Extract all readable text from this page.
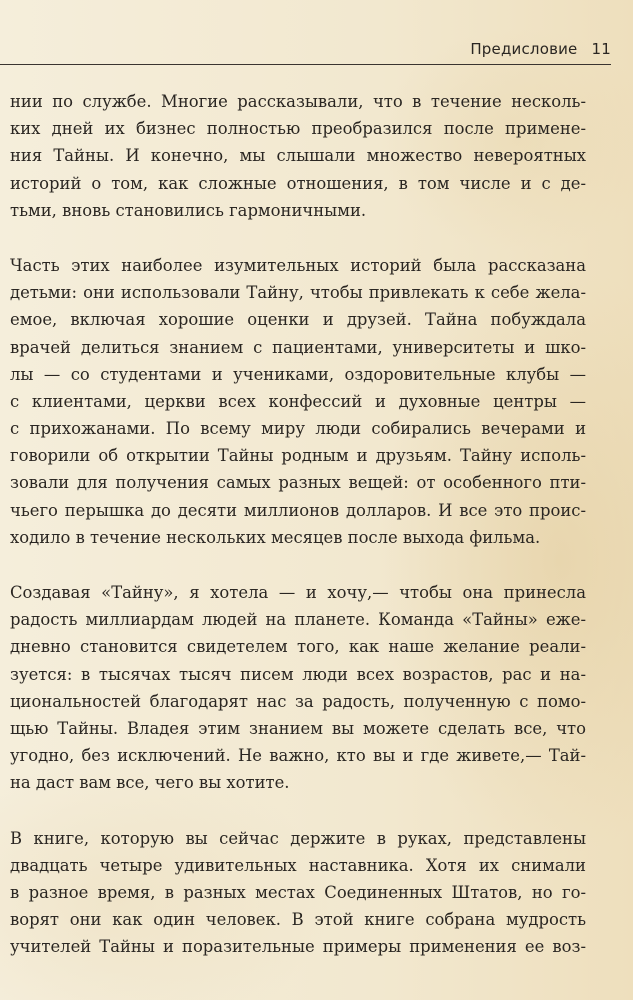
Предисловие 11

нии по службе. Многие рассказывали, что в течение несколь-
ких дней их бизнес полностью преобразился после примене-
ния Тайны. И конечно, мы слышали множество невероятных
историй о том, как сложные отношения, в том числе и с де-
тьми, вновь становились гармоничными.

Часть этих наиболее изумительных историй была рассказана
детьми: они использовали Тайну, чтобы привлекать к себе жела-
емое, включая хорошие оценки и друзей. Тайна побуждала
врачей делиться знанием с пациентами, университеты и шко-
лы — со студентами и учениками, оздоровительные клубы —
с клиентами, церкви всех конфессий и духовные центры —
с прихожанами. По всему миру люди собирались вечерами и
говорили об открытии Тайны родным и друзьям. Тайну исполь-
зовали для получения самых разных вещей: от особенного пти-
чьего перышка до десяти миллионов долларов. И все это проис-
ходило в течение нескольких месяцев после выхода фильма.

Создавая «Тайну», я хотела — и хочу,— чтобы она принесла
радость миллиардам людей на планете. Команда «Тайны» еже-
дневно становится свидетелем того, как наше желание реали-
зуется: в тысячах тысяч писем люди всех возрастов, рас и на-
циональностей благодарят нас за радость, полученную с помо-
щью Тайны. Владея этим знанием вы можете сделать все, что
угодно, без исключений. Не важно, кто вы и где живете,— Тай-
на даст вам все, чего вы хотите.

В книге, которую вы сейчас держите в руках, представлены
двадцать четыре удивительных наставника. Хотя их снимали
в разное время, в разных местах Соединенных Штатов, но го-
ворят они как один человек. В этой книге собрана мудрость
учителей Тайны и поразительные примеры применения ее воз-
